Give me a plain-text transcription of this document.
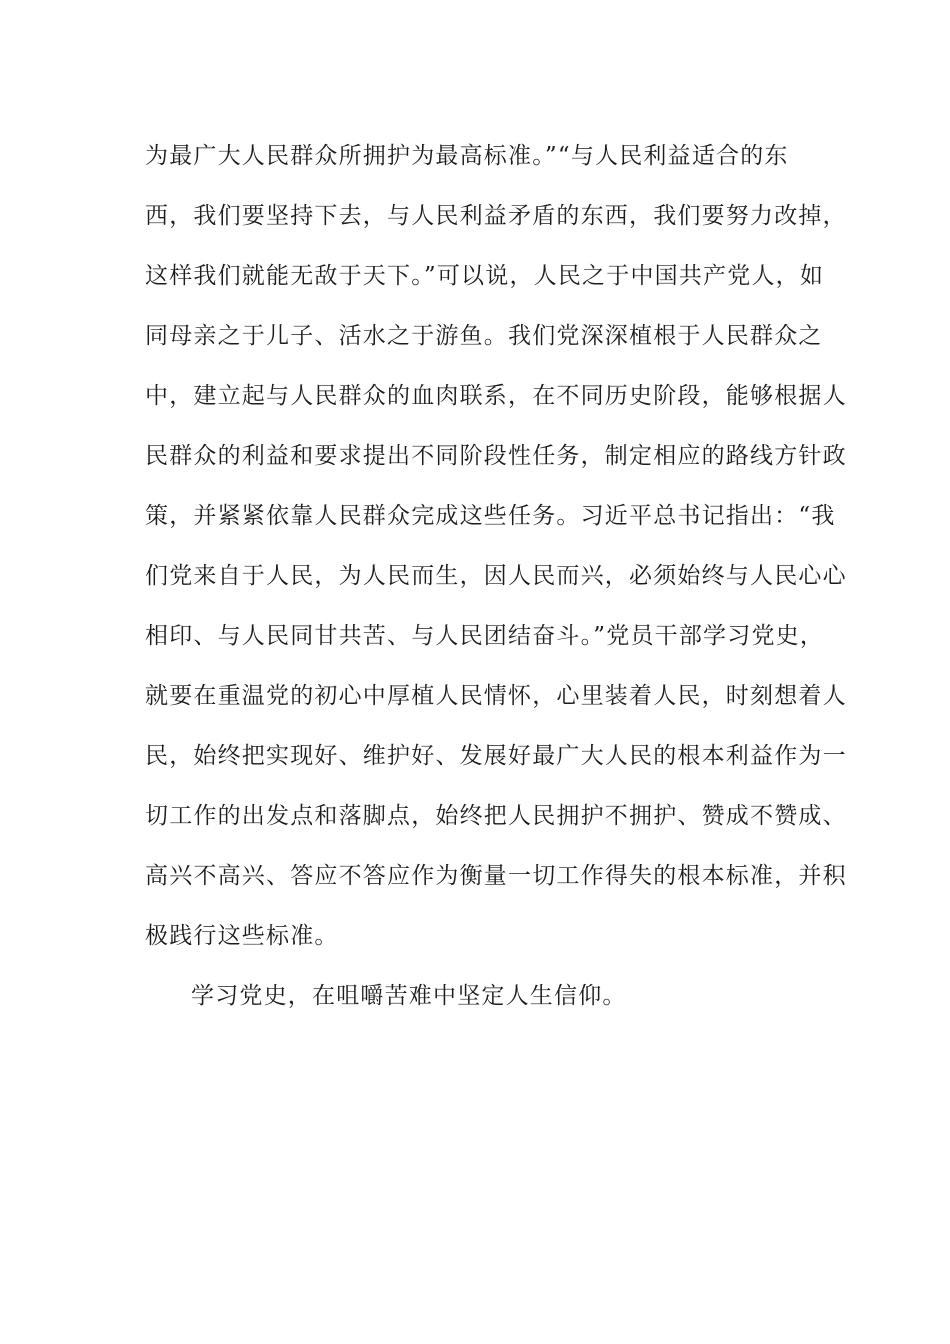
为最广大人民群众所拥护为最高标准。”“与人民利益适合的东
西，我们要坚持下去，与人民利益矛盾的东西，我们要努力改掉，
这样我们就能无敌于天下。”可以说，人民之于中国共产党人，如
同母亲之于儿子、活水之于游鱼。我们党深深植根于人民群众之
中，建立起与人民群众的血肉联系，在不同历史阶段，能够根据人
民群众的利益和要求提出不同阶段性任务，制定相应的路线方针政
策，并紧紧依靠人民群众完成这些任务。习近平总书记指出：“我
们党来自于人民，为人民而生，因人民而兴，必须始终与人民心心
相印、与人民同甘共苦、与人民团结奋斗。”党员干部学习党史，
就要在重温党的初心中厚植人民情怀，心里装着人民，时刻想着人
民，始终把实现好、维护好、发展好最广大人民的根本利益作为一
切工作的出发点和落脚点，始终把人民拥护不拥护、赞成不赞成、
高兴不高兴、答应不答应作为衡量一切工作得失的根本标准，并积
极践行这些标准。
学习党史，在咀嚼苦难中坚定人生信仰。
